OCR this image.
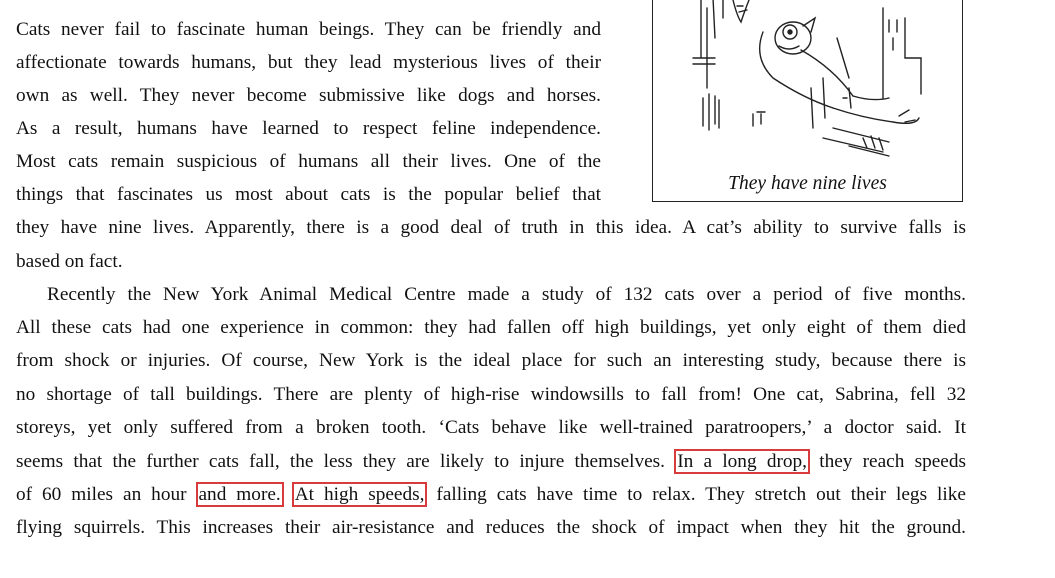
They have nine lives
Cats never fail to fascinate human beings. They can be friendly and
affectionate towards humans, but they lead mysterious lives of their
own as well. They never become submissive like dogs and horses.
As a result, humans have learned to respect feline independence.
Most cats remain suspicious of humans all their lives. One of the
things that fascinates us most about cats is the popular belief that
they have nine lives. Apparently, there is a good deal of truth in this idea. A cat’s ability to survive falls is
based on fact.
Recently the New York Animal Medical Centre made a study of 132 cats over a period of five months.
All these cats had one experience in common: they had fallen off high buildings, yet only eight of them died
from shock or injuries. Of course, New York is the ideal place for such an interesting study, because there is
no shortage of tall buildings. There are plenty of high-rise windowsills to fall from! One cat, Sabrina, fell 32
storeys, yet only suffered from a broken tooth. ‘Cats behave like well-trained paratroopers,’ a doctor said. It
seems that the further cats fall, the less they are likely to injure themselves. In a long drop, they reach speeds
of 60 miles an hour and more. At high speeds, falling cats have time to relax. They stretch out their legs like
flying squirrels. This increases their air-resistance and reduces the shock of impact when they hit the ground.
